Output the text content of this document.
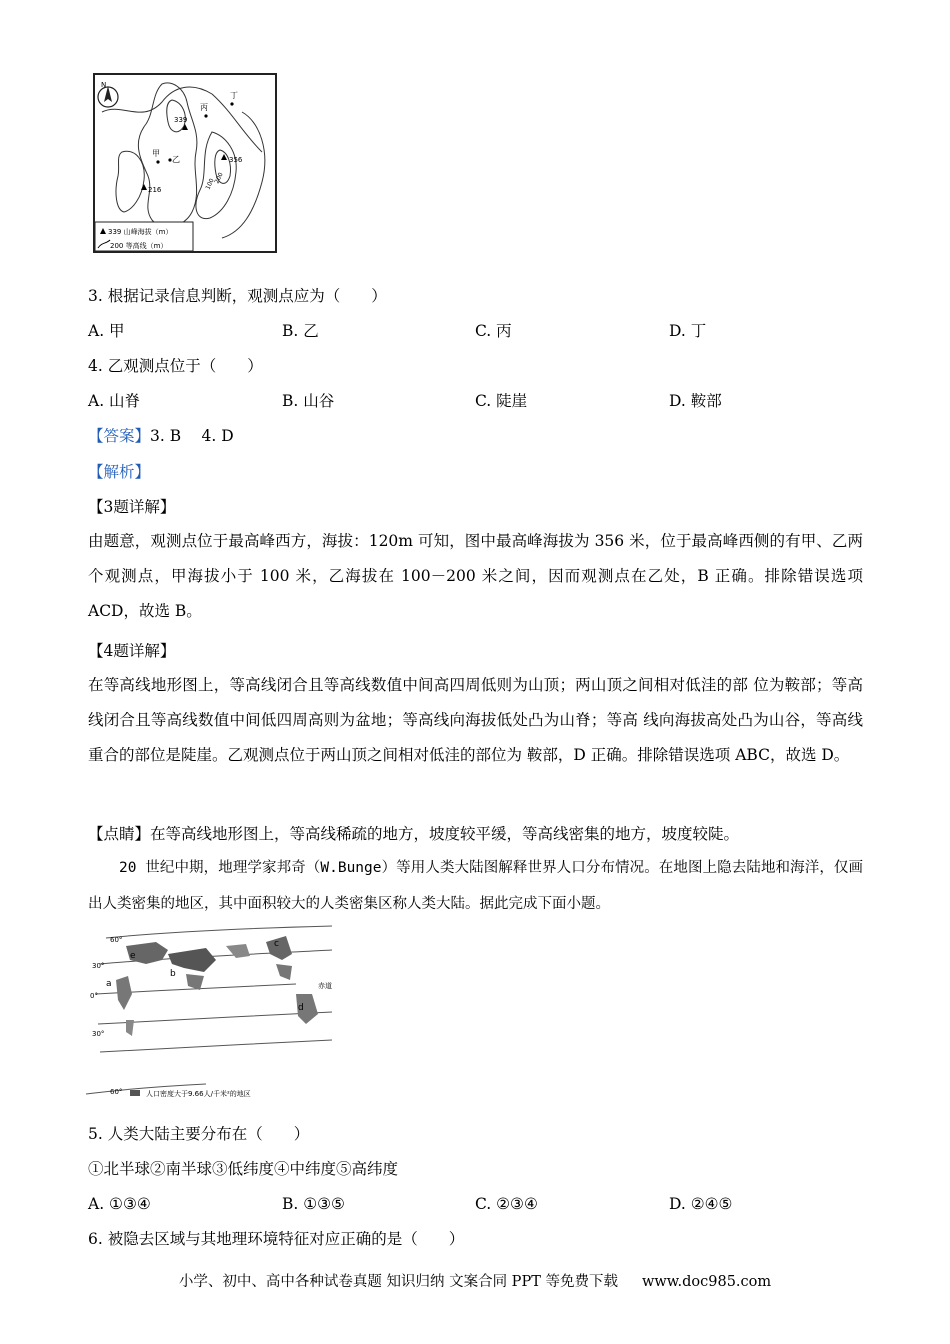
N
丙
丁
甲
乙
339
356
216
200
100
339 山峰海拔（m）
200 等高线（m）
3. 根据记录信息判断，观测点应为（　　）
A. 甲	B. 乙	C. 丙	D. 丁
4. 乙观测点位于（　　）
A. 山脊	B. 山谷	C. 陡崖	D. 鞍部
【答案】3. B　 4. D
【解析】
【3题详解】
由题意，观测点位于最高峰西方，海拔：120m 可知，图中最高峰海拔为 356 米，位于最高峰西侧的有甲、乙两个观测点，甲海拔小于 100 米，乙海拔在 100－200 米之间，因而观测点在乙处，B 正确。排除错误选项 ACD，故选 B。
【4题详解】
在等高线地形图上，等高线闭合且等高线数值中间高四周低则为山顶；两山顶之间相对低洼的部 位为鞍部；等高线闭合且等高线数值中间低四周高则为盆地；等高线向海拔低处凸为山脊；等高 线向海拔高处凸为山谷，等高线重合的部位是陡崖。乙观测点位于两山顶之间相对低洼的部位为 鞍部，D 正确。排除错误选项 ABC，故选 D。
【点睛】在等高线地形图上，等高线稀疏的地方，坡度较平缓，等高线密集的地方，坡度较陡。
20 世纪中期，地理学家邦奇（W.Bunge）等用人类大陆图解释世界人口分布情况。在地图上隐去陆地和海洋，仅画出人类密集的地区，其中面积较大的人类密集区称人类大陆。据此完成下面小题。
60°
30°
0°
30°
60°
a
b
c
d
e
赤道
人口密度大于9.66人/千米²的地区
5. 人类大陆主要分布在（　　）
①北半球②南半球③低纬度④中纬度⑤高纬度
A. ①③④	B. ①③⑤	C. ②③④	D. ②④⑤
6. 被隐去区域与其地理环境特征对应正确的是（　　）
小学、初中、高中各种试卷真题 知识归纳 文案合同 PPT 等免费下载 www.doc985.com
